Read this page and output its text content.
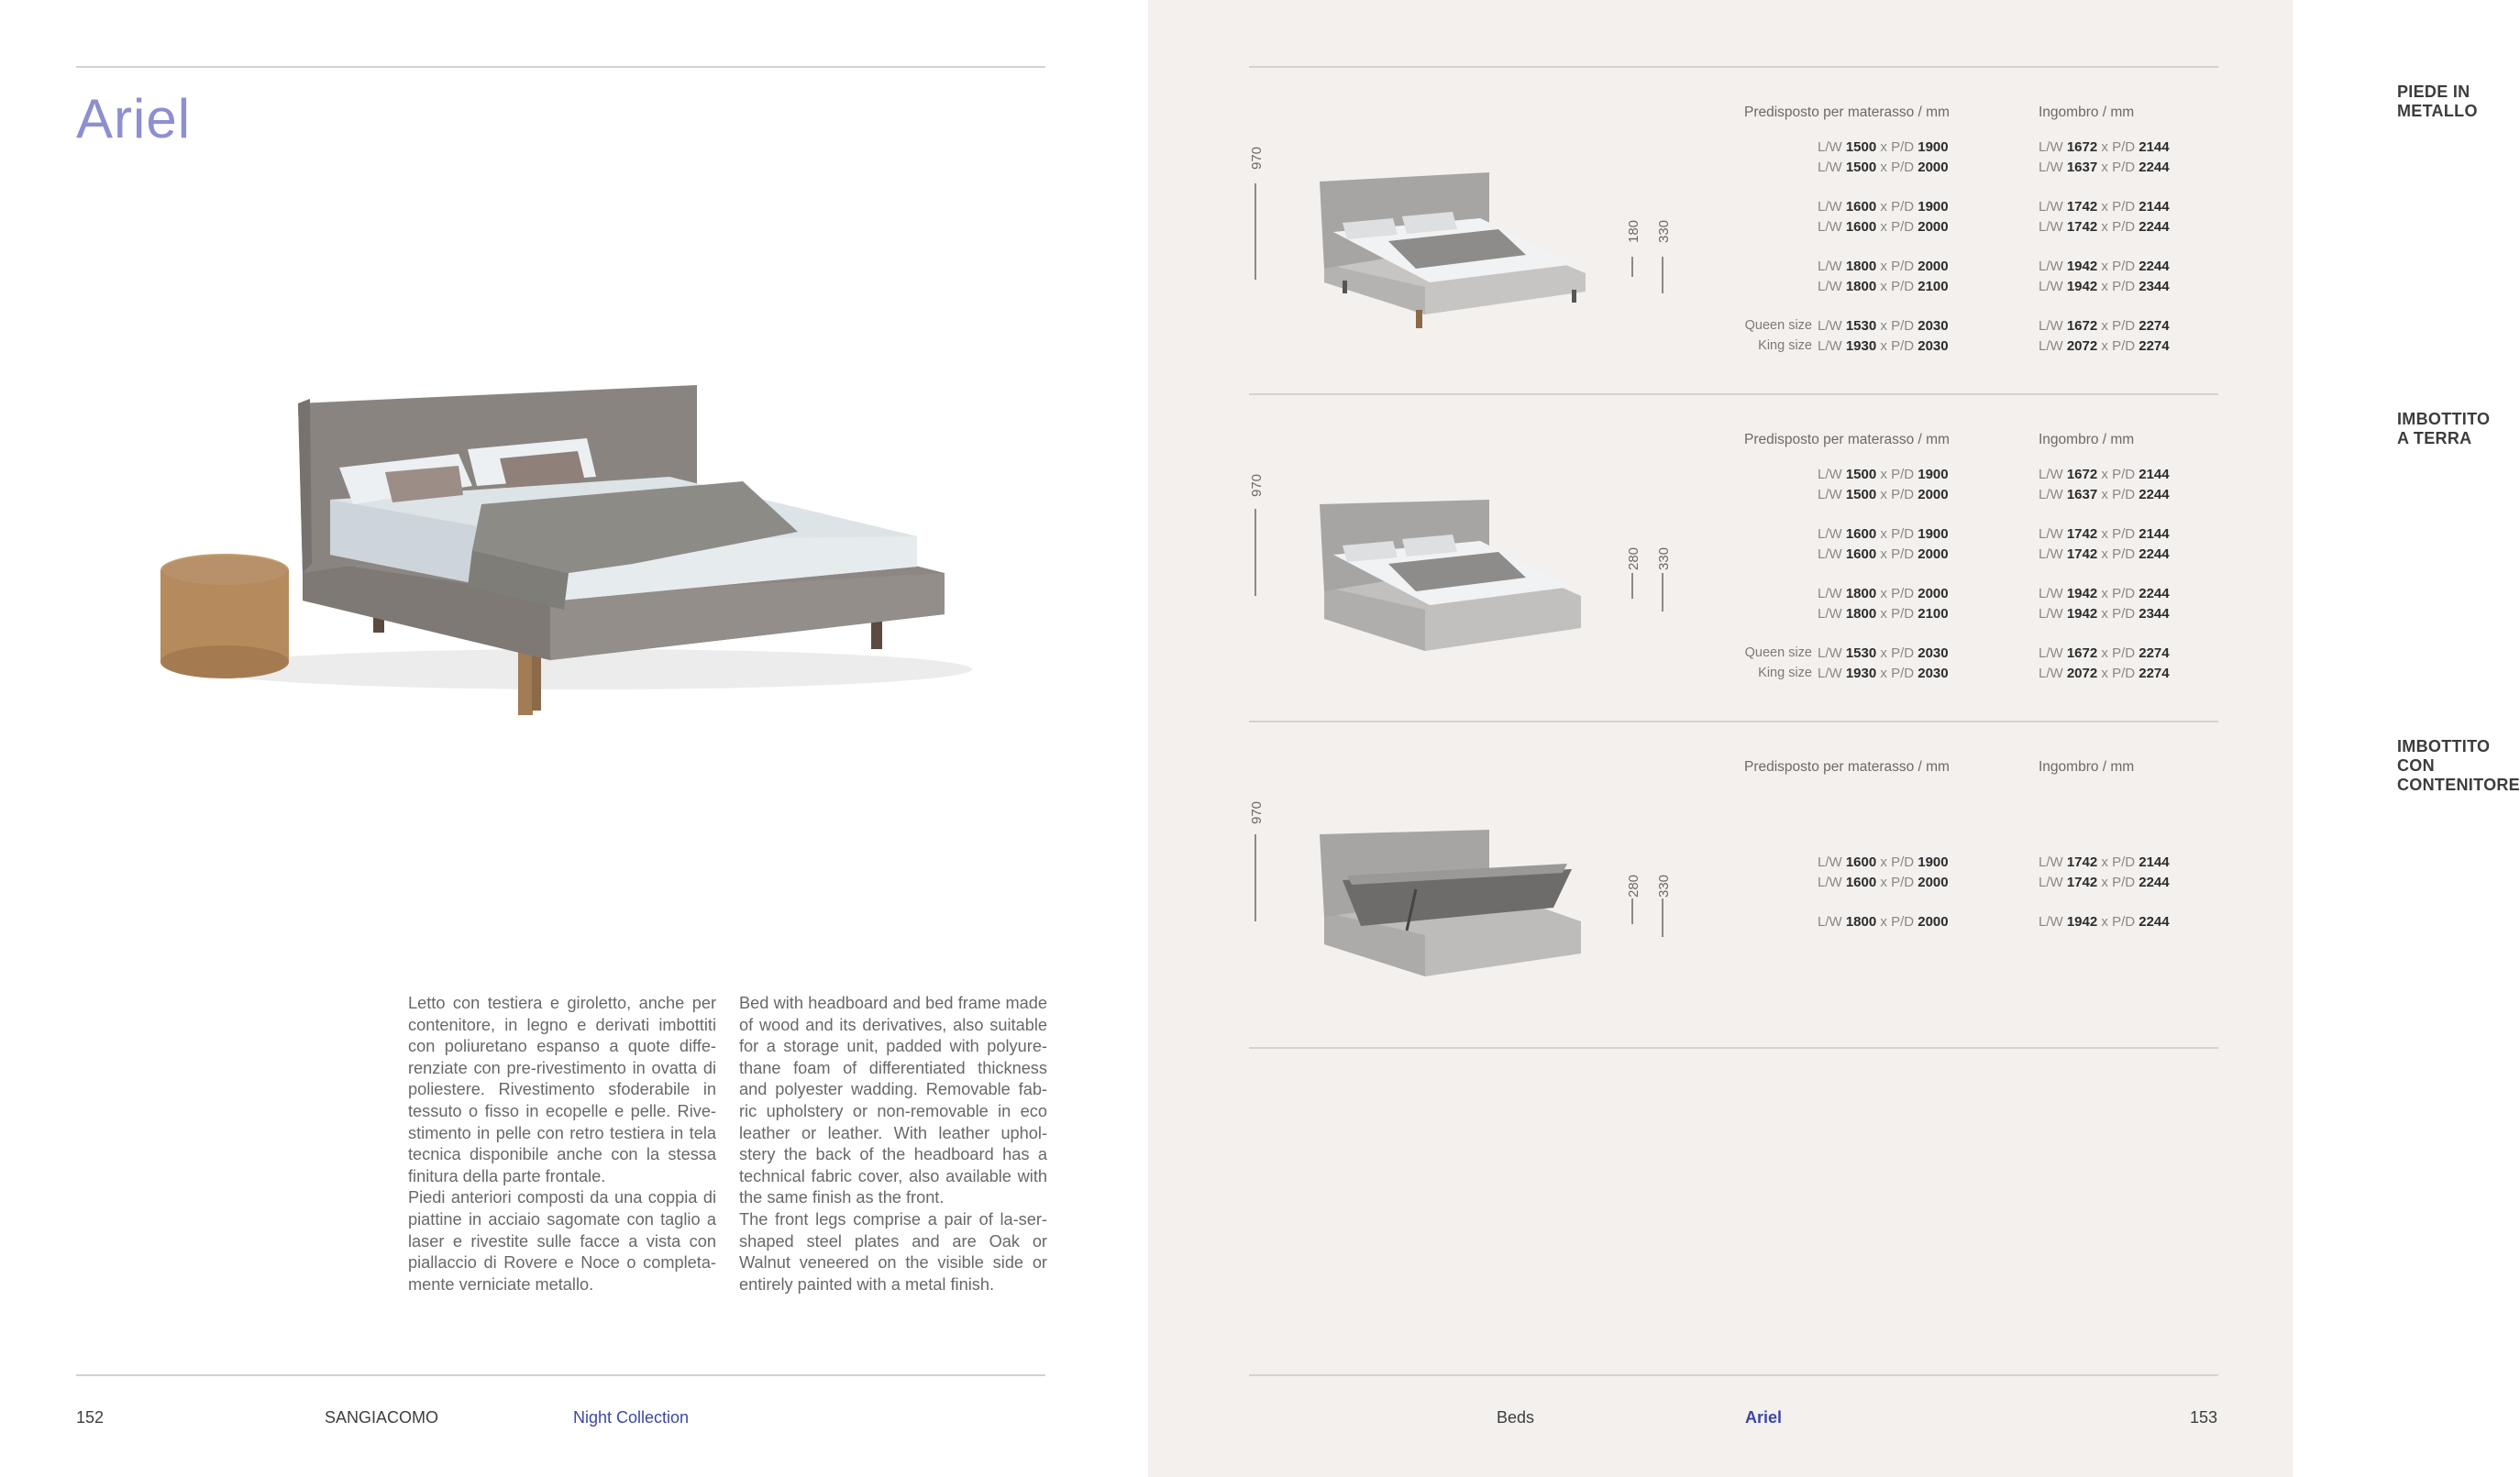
Ariel

Letto con testiera e giroletto, anche per contenitore, in legno e derivati imbottiti con poliuretano espanso a quote diffe-renziate con pre-rivestimento in ovatta di poliestere. Rivestimento sfoderabile in tessuto o fisso in ecopelle e pelle. Rive-stimento in pelle con retro testiera in tela tecnica disponibile anche con la stessa finitura della parte frontale.

Piedi anteriori composti da una coppia di piattine in acciaio sagomate con taglio a laser e rivestite sulle facce a vista con piallaccio di Rovere e Noce o completa-mente verniciate metallo.

Bed with headboard and bed frame made of wood and its derivatives, also suitable for a storage unit, padded with polyure-thane foam of differentiated thickness and polyester wadding. Removable fab-ric upholstery or non-removable in eco leather or leather. With leather uphol-stery the back of the headboard has a technical fabric cover, also available with the same finish as the front.

The front legs comprise a pair of la-ser-shaped steel plates and are Oak or Walnut veneered on the visible side or entirely painted with a metal finish.

152	SANGIACOMO	Night Collection
PIEDE IN METALLO
Predisposto per materasso / mm	Ingombro / mm
970
180 330
L/W 1500 x P/D 1900	L/W 1672 x P/D 2144
L/W 1500 x P/D 2000	L/W 1637 x P/D 2244
L/W 1600 x P/D 1900	L/W 1742 x P/D 2144
L/W 1600 x P/D 2000	L/W 1742 x P/D 2244
L/W 1800 x P/D 2000	L/W 1942 x P/D 2244
L/W 1800 x P/D 2100	L/W 1942 x P/D 2344
Queen size L/W 1530 x P/D 2030	L/W 1672 x P/D 2274
King size L/W 1930 x P/D 2030	L/W 2072 x P/D 2274
IMBOTTITO A TERRA
Predisposto per materasso / mm	Ingombro / mm
970
280 330
L/W 1500 x P/D 1900	L/W 1672 x P/D 2144
L/W 1500 x P/D 2000	L/W 1637 x P/D 2244
L/W 1600 x P/D 1900	L/W 1742 x P/D 2144
L/W 1600 x P/D 2000	L/W 1742 x P/D 2244
L/W 1800 x P/D 2000	L/W 1942 x P/D 2244
L/W 1800 x P/D 2100	L/W 1942 x P/D 2344
Queen size L/W 1530 x P/D 2030	L/W 1672 x P/D 2274
King size L/W 1930 x P/D 2030	L/W 2072 x P/D 2274
IMBOTTITO CON CONTENITORE
Predisposto per materasso / mm	Ingombro / mm
970
280 330
L/W 1600 x P/D 1900	L/W 1742 x P/D 2144
L/W 1600 x P/D 2000	L/W 1742 x P/D 2244
L/W 1800 x P/D 2000	L/W 1942 x P/D 2244
Beds	Ariel	153
